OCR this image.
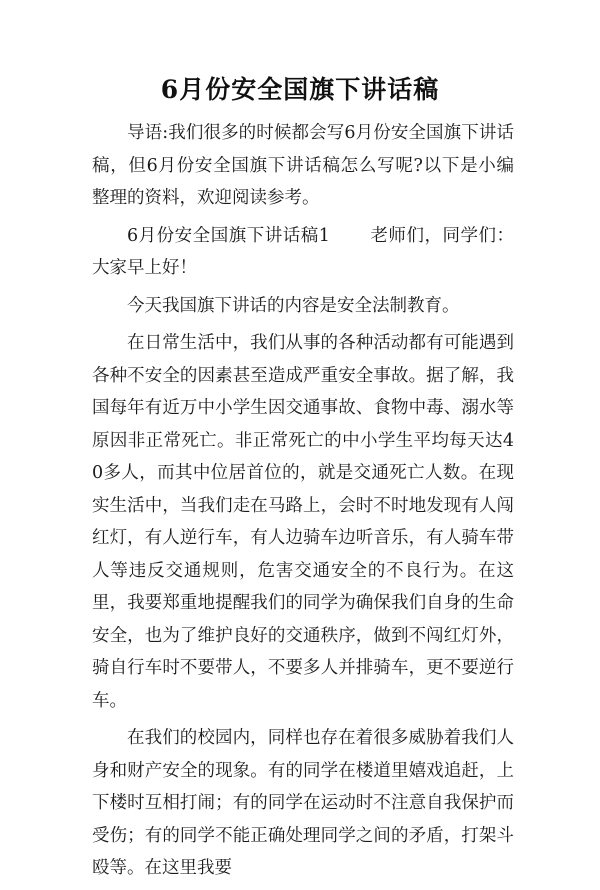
6月份安全国旗下讲话稿

导语:我们很多的时候都会写6月份安全国旗下讲话稿，但6月份安全国旗下讲话稿怎么写呢?以下是小编整理的资料，欢迎阅读参考。

6月份安全国旗下讲话稿1 老师们，同学们：大家早上好！

今天我国旗下讲话的内容是安全法制教育。

在日常生活中，我们从事的各种活动都有可能遇到各种不安全的因素甚至造成严重安全事故。据了解，我国每年有近万中小学生因交通事故、食物中毒、溺水等原因非正常死亡。非正常死亡的中小学生平均每天达40多人，而其中位居首位的，就是交通死亡人数。在现实生活中，当我们走在马路上，会时不时地发现有人闯红灯，有人逆行车，有人边骑车边听音乐，有人骑车带人等违反交通规则，危害交通安全的不良行为。在这里，我要郑重地提醒我们的同学为确保我们自身的生命安全，也为了维护良好的交通秩序，做到不闯红灯外，骑自行车时不要带人，不要多人并排骑车，更不要逆行车。

在我们的校园内，同样也存在着很多威胁着我们人身和财产安全的现象。有的同学在楼道里嬉戏追赶，上下楼时互相打闹；有的同学在运动时不注意自我保护而受伤；有的同学不能正确处理同学之间的矛盾，打架斗殴等。在这里我要
